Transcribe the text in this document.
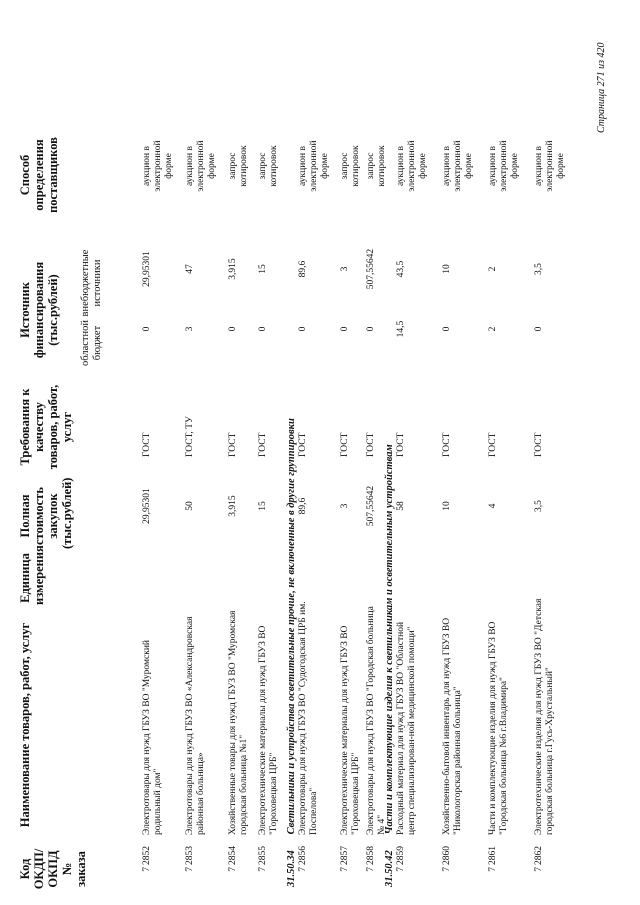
Код ОКДП/ ОКПД № заказа
Наименование товаров, работ, услуг
Единица измерения
Полная стоимость закупок (тыс.рублей)
Требования к качеству товаров, работ, услуг
Источник финансирования (тыс.рублей) областной бюджет
внебюджетные источники
Способ определения поставщиков
7
2852
Электротовары для нужд ГБУЗ ВО "Муромский родильный дом"
29,95301
ГОСТ
0
29,95301
аукцион в электронной форме
7
2853
Электротовары для нужд ГБУЗ ВО «Александровская районная больница»
50
ГОСТ, ТУ
3
47
аукцион в электронной форме
7
2854
Хозяйственные товары для нужд ГБУЗ ВО "Муромская городская больница №1"
3,915
ГОСТ
0
3,915
запрос котировок
7
2855
Электротехнические материалы для нужд ГБУЗ ВО "Гороховецкая ЦРБ"
15
ГОСТ
0
15
запрос котировок
31.50.34 Светильники и устройства осветительные прочие, не включенные в другие группировки
7
2856
Электротовары для нужд ГБУЗ ВО "Судогодская ЦРБ им. Поспелова"
89,6
ГОСТ
0
89,6
аукцион в электронной форме
7
2857
Электротехнические материалы для нужд ГБУЗ ВО "Гороховецкая ЦРБ"
3
ГОСТ
0
3
запрос котировок
7
2858
Электротовары для нужд ГБУЗ ВО "Городская больница № 4"
507,55642
ГОСТ
0
507,55642
запрос котировок
31.50.42 Части и комплектующие изделия к светильникам и осветительным устройствам
7
2859
Расходный материал для нужд ГБУЗ ВО "Областной центр специализирован-ной медицинской помощи"
58
ГОСТ
14,5
43,5
аукцион в электронной форме
7
2860
Хозяйственно-бытовой инвентарь для нужд ГБУЗ ВО "Никологорская районная больница"
10
ГОСТ
0
10
аукцион в электронной форме
7
2861
Части и комплектующие изделия для нужд ГБУЗ ВО "Городская больница №6 г.Владимира"
4
ГОСТ
2
2
аукцион в электронной форме
7
2862
Электротехнические изделия для нужд ГБУЗ ВО "Детская городская больница г.Гусь-Хрустальный"
3,5
ГОСТ
0
3,5
аукцион в электронной форме
Страница 271 из 420
